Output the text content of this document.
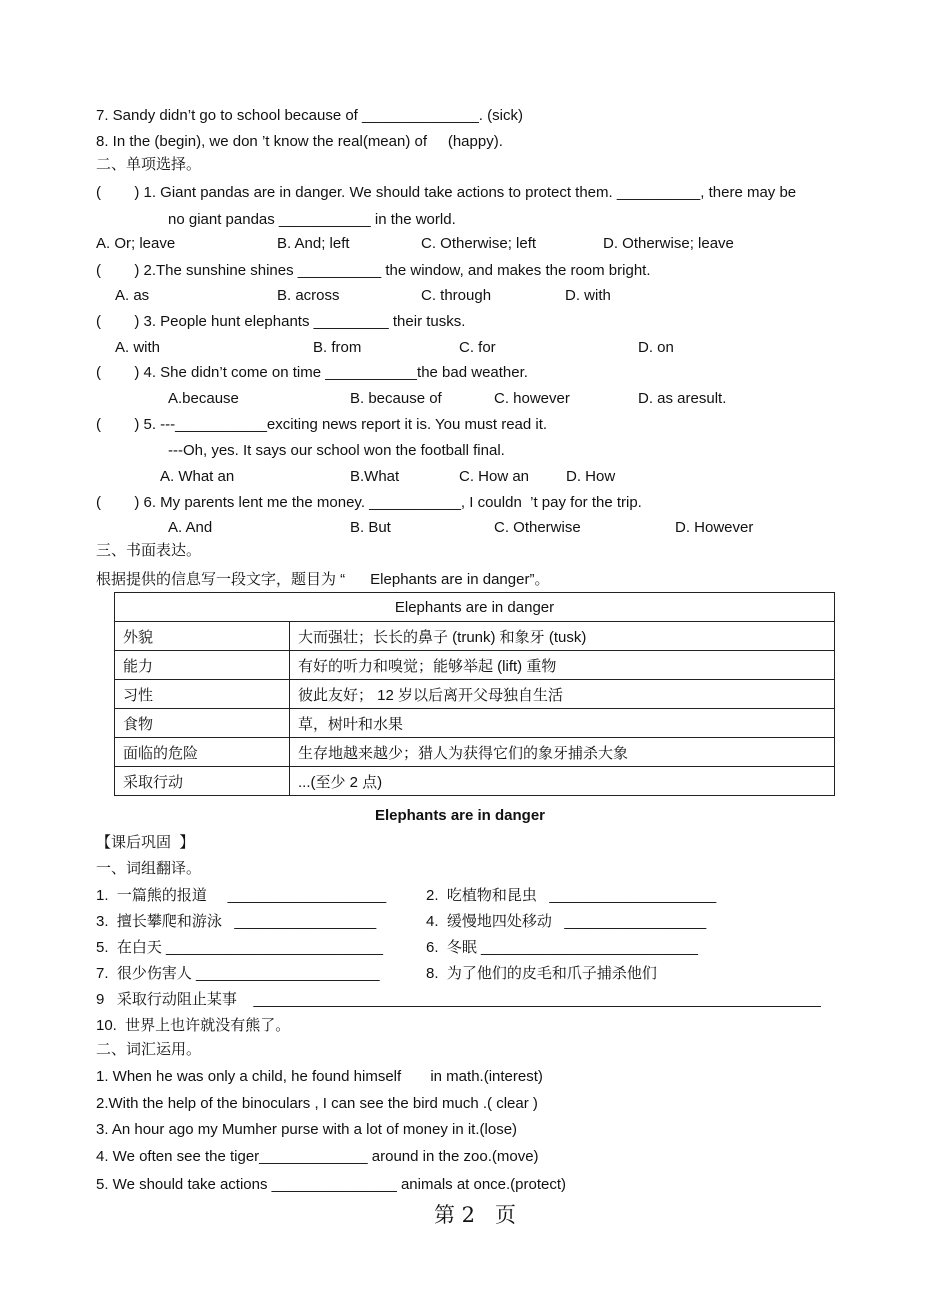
7. Sandy didn’t go to school because of ______________. (sick)
8. In the (begin), we don ’t know the real(mean) of     (happy).
二、单项选择。
(        ) 1. Giant pandas are in danger. We should take actions to protect them. __________, there may be
no giant pandas ___________ in the world.
A. Or; leave	B. And; left	C. Otherwise; left	D. Otherwise; leave
(        ) 2.The sunshine shines __________ the window, and makes the room bright.
A. as	B. across	C. through	D. with
(        ) 3. People hunt elephants _________ their tusks.
A. with	B. from	C. for	D. on
(        ) 4. She didn’t come on time ___________the bad weather.
A.because	B. because of	C. however	D. as aresult.
(        ) 5. ---___________exciting news report it is. You must read it.
---Oh, yes. It says our school won the football final.
A. What an	B.What	C. How an D. How
(        ) 6. My parents lent me the money. ___________, I couldn  ’t pay for the trip.
A. And	B. But	C. Otherwise	D. However
三、书面表达。
根据提供的信息写一段文字，题目为 “      Elephants are in danger”。
Elephants are in danger	
外貌	大而强壮；长长的鼻子 (trunk) 和象牙 (tusk)
能力	有好的听力和嗅觉；能够举起 (lift) 重物
习性	彼此友好； 12 岁以后离开父母独自生活
食物	草，树叶和水果
面临的危险	生存地越来越少；猎人为获得它们的象牙捕杀大象
采取行动	...(至少 2 点)
Elephants are in danger
【课后巩固  】
一、词组翻译。
1.  一篇熊的报道     ___________________	2.  吃植物和昆虫   ____________________
3.  擅长攀爬和游泳   _________________	4.  缓慢地四处移动   _________________
5.  在白天 __________________________	6.  冬眠 __________________________
7.  很少伤害人 ______________________	8.  为了他们的皮毛和爪子捕杀他们
9   采取行动阻止某事    ____________________________________________________________________
10.  世界上也许就没有熊了。
二、词汇运用。
1. When he was only a child, he found himself       in math.(interest)
2.With the help of the binoculars , I can see the bird much .( clear )
3. An hour ago my Mumher purse with a lot of money in it.(lose)
4. We often see the tiger_____________ around in the zoo.(move)
5. We should take actions _______________ animals at once.(protect)
第 2   页
